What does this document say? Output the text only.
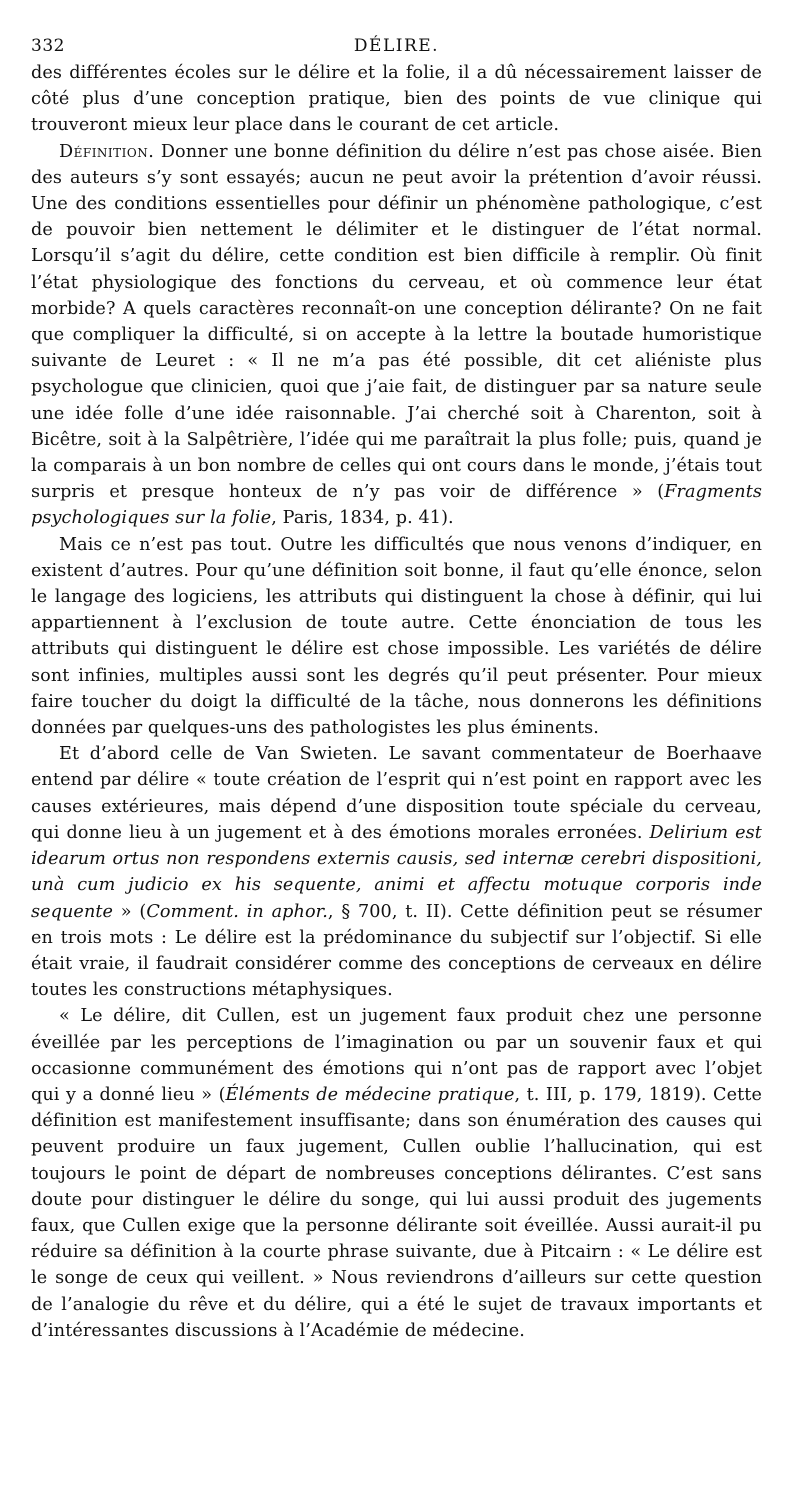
332	DÉLIRE.

des différentes écoles sur le délire et la folie, il a dû nécessairement laisser de côté plus d’une conception pratique, bien des points de vue clinique qui trouveront mieux leur place dans le courant de cet article.

Définition. Donner une bonne définition du délire n’est pas chose aisée. Bien des auteurs s’y sont essayés; aucun ne peut avoir la prétention d’avoir réussi. Une des conditions essentielles pour définir un phénomène pathologique, c’est de pouvoir bien nettement le délimiter et le distinguer de l’état normal. Lorsqu’il s’agit du délire, cette condition est bien difficile à remplir. Où finit l’état physiologique des fonctions du cerveau, et où commence leur état morbide? A quels caractères reconnaît-on une conception délirante? On ne fait que compliquer la difficulté, si on accepte à la lettre la boutade humoristique suivante de Leuret : « Il ne m’a pas été possible, dit cet aliéniste plus psychologue que clinicien, quoi que j’aie fait, de distinguer par sa nature seule une idée folle d’une idée raisonnable. J’ai cherché soit à Charenton, soit à Bicêtre, soit à la Salpêtrière, l’idée qui me paraîtrait la plus folle; puis, quand je la comparais à un bon nombre de celles qui ont cours dans le monde, j’étais tout surpris et presque honteux de n’y pas voir de différence » (Fragments psychologiques sur la folie, Paris, 1834, p. 41).

Mais ce n’est pas tout. Outre les difficultés que nous venons d’indiquer, en existent d’autres. Pour qu’une définition soit bonne, il faut qu’elle énonce, selon le langage des logiciens, les attributs qui distinguent la chose à définir, qui lui appartiennent à l’exclusion de toute autre. Cette énonciation de tous les attributs qui distinguent le délire est chose impossible. Les variétés de délire sont infinies, multiples aussi sont les degrés qu’il peut présenter. Pour mieux faire toucher du doigt la difficulté de la tâche, nous donnerons les définitions données par quelques-uns des pathologistes les plus éminents.

Et d’abord celle de Van Swieten. Le savant commentateur de Boerhaave entend par délire « toute création de l’esprit qui n’est point en rapport avec les causes extérieures, mais dépend d’une disposition toute spéciale du cerveau, qui donne lieu à un jugement et à des émotions morales erronées. Delirium est idearum ortus non respondens externis causis, sed internæ cerebri dispositioni, unà cum judicio ex his sequente, animi et affectu motuque corporis inde sequente » (Comment. in aphor., § 700, t. II). Cette définition peut se résumer en trois mots : Le délire est la prédominance du subjectif sur l’objectif. Si elle était vraie, il faudrait considérer comme des conceptions de cerveaux en délire toutes les constructions métaphysiques.

« Le délire, dit Cullen, est un jugement faux produit chez une personne éveillée par les perceptions de l’imagination ou par un souvenir faux et qui occasionne communément des émotions qui n’ont pas de rapport avec l’objet qui y a donné lieu » (Éléments de médecine pratique, t. III, p. 179, 1819). Cette définition est manifestement insuffisante; dans son énumération des causes qui peuvent produire un faux jugement, Cullen oublie l’hallucination, qui est toujours le point de départ de nombreuses conceptions délirantes. C’est sans doute pour distinguer le délire du songe, qui lui aussi produit des jugements faux, que Cullen exige que la personne délirante soit éveillée. Aussi aurait-il pu réduire sa définition à la courte phrase suivante, due à Pitcairn : « Le délire est le songe de ceux qui veillent. » Nous reviendrons d’ailleurs sur cette question de l’analogie du rêve et du délire, qui a été le sujet de travaux importants et d’intéressantes discussions à l’Académie de médecine.
